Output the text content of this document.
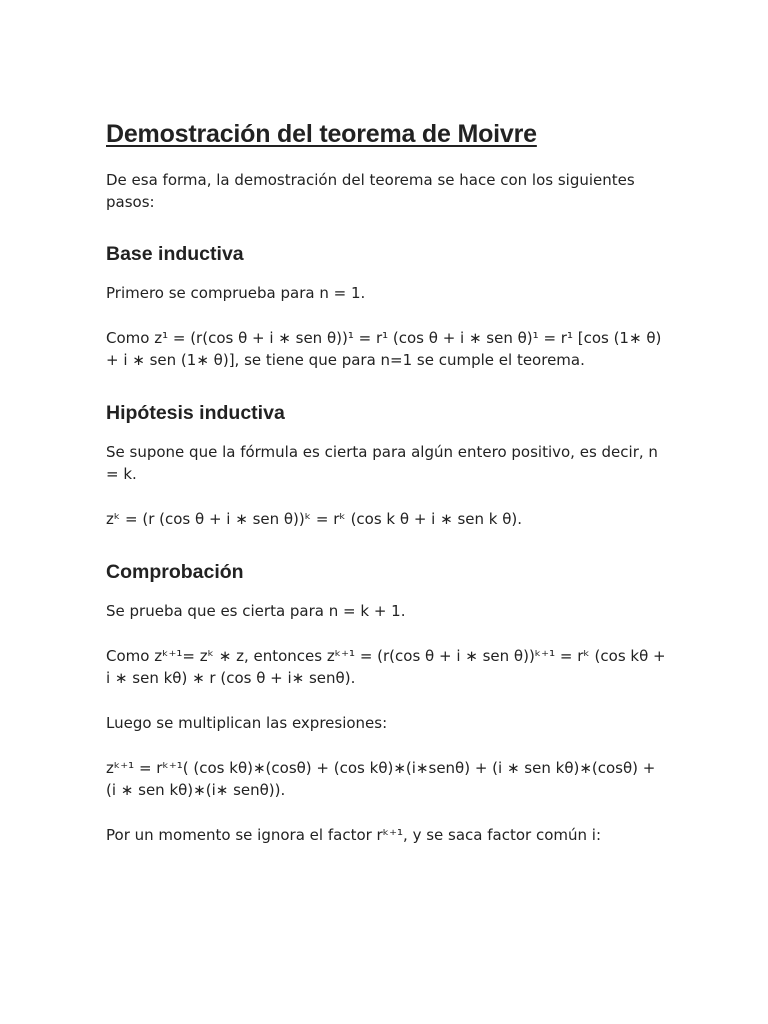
Demostración del teorema de Moivre

De esa forma, la demostración del teorema se hace con los siguientes pasos:

Base inductiva

Primero se comprueba para n = 1.

Como z¹ = (r(cos θ + i ∗ sen θ))¹ = r¹ (cos θ + i ∗ sen θ)¹ = r¹ [cos (1∗ θ) + i ∗ sen (1∗ θ)], se tiene que para n=1 se cumple el teorema.

Hipótesis inductiva

Se supone que la fórmula es cierta para algún entero positivo, es decir, n = k.

zᵏ = (r (cos θ + i ∗ sen θ))ᵏ = rᵏ (cos k θ + i ∗ sen k θ).

Comprobación

Se prueba que es cierta para n = k + 1.

Como zᵏ⁺¹= zᵏ ∗ z, entonces zᵏ⁺¹ = (r(cos θ + i ∗ sen θ))ᵏ⁺¹ = rᵏ (cos kθ + i ∗ sen kθ) ∗ r (cos θ + i∗ senθ).

Luego se multiplican las expresiones:

zᵏ⁺¹ = rᵏ⁺¹( (cos kθ)∗(cosθ) + (cos kθ)∗(i∗senθ) + (i ∗ sen kθ)∗(cosθ) + (i ∗ sen kθ)∗(i∗ senθ)).

Por un momento se ignora el factor rᵏ⁺¹, y se saca factor común i:
